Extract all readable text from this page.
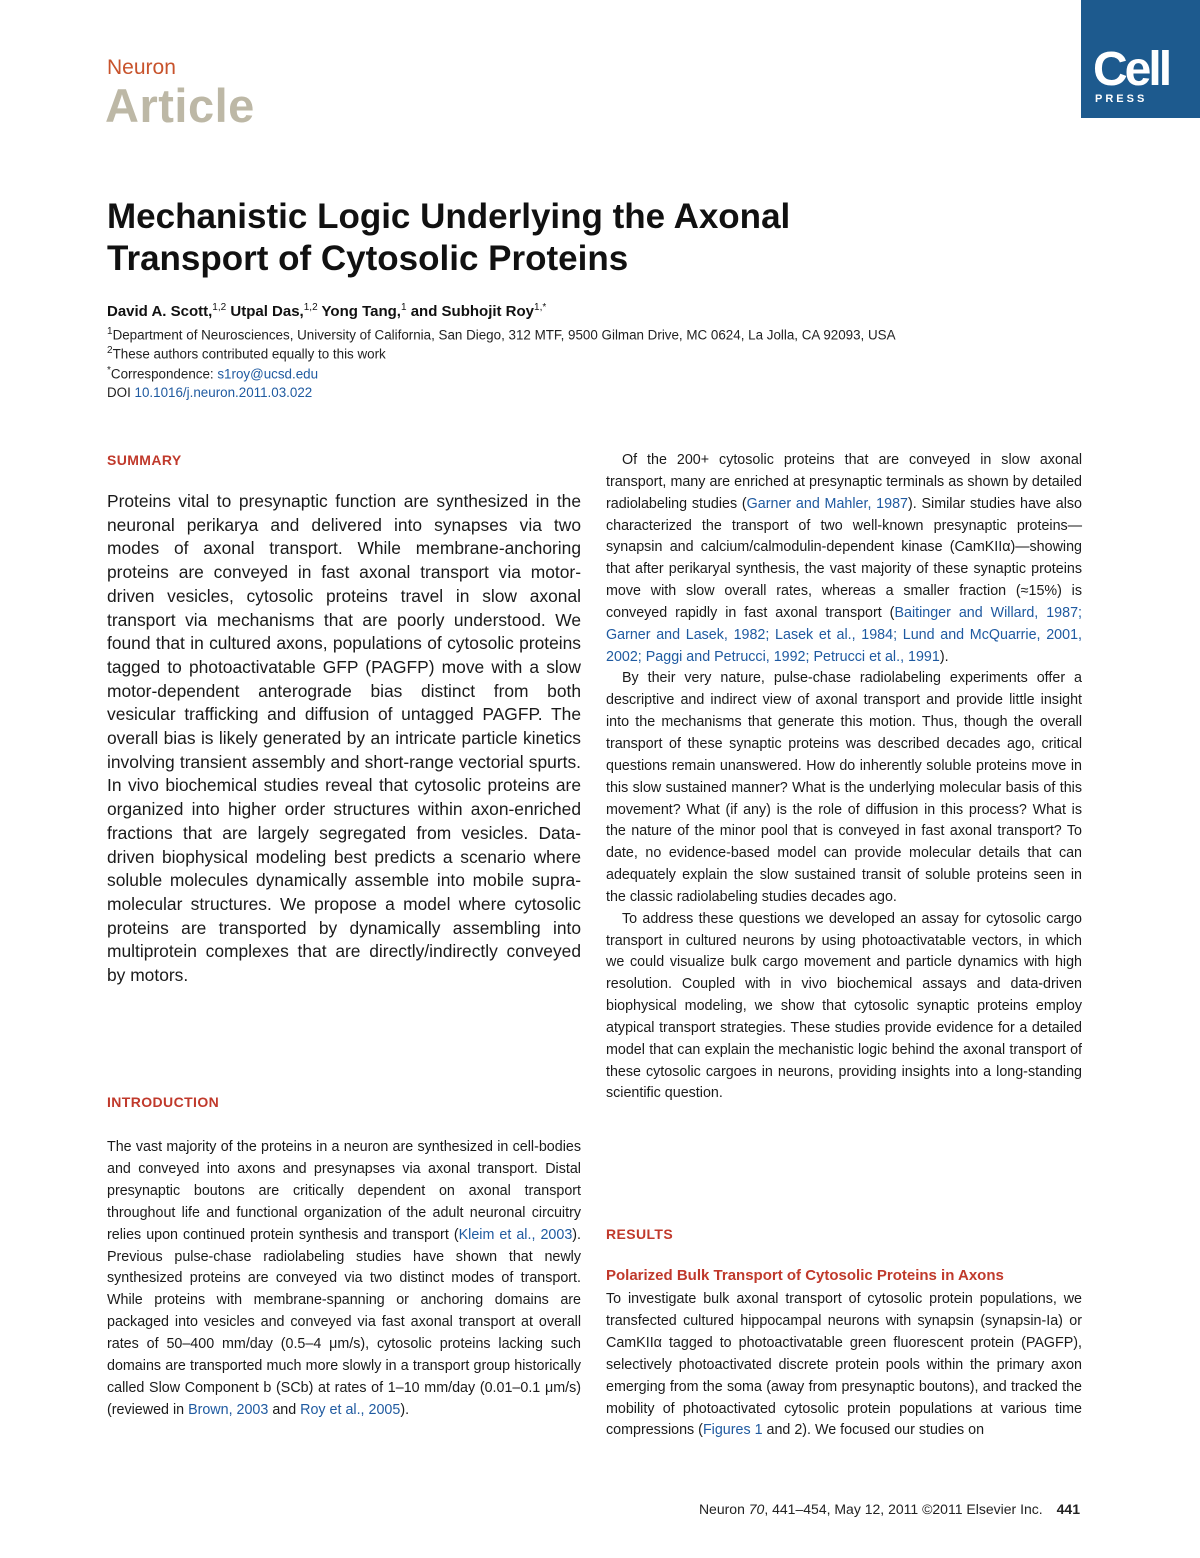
Neuron
Article
Cell
PRESS
Mechanistic Logic Underlying the Axonal
Transport of Cytosolic Proteins
David A. Scott,$^{1,2}$ Utpal Das,$^{1,2}$ Yong Tang,$^1$ and Subhojit Roy$^{1,*}$
$^1$Department of Neurosciences, University of California, San Diego, 312 MTF, 9500 Gilman Drive, MC 0624, La Jolla, CA 92093, USA
$^2$These authors contributed equally to this work
*Correspondence: s1roy@ucsd.edu
DOI 10.1016/j.neuron.2011.03.022
SUMMARY

Proteins vital to presynaptic function are synthesized in the neuronal perikarya and delivered into synapses via two modes of axonal transport. While membrane-anchoring proteins are conveyed in fast axonal transport via motor-driven vesicles, cytosolic proteins travel in slow axonal transport via mechanisms that are poorly understood. We found that in cultured axons, populations of cytosolic proteins tagged to photoactivatable GFP (PAGFP) move with a slow motor-dependent anterograde bias distinct from both vesicular trafficking and diffusion of untagged PAGFP. The overall bias is likely generated by an intricate particle kinetics involving transient assembly and short-range vectorial spurts. In vivo biochemical studies reveal that cytosolic proteins are organized into higher order structures within axon-enriched fractions that are largely segregated from vesicles. Data-driven biophysical modeling best predicts a scenario where soluble molecules dynamically assemble into mobile supramolecular structures. We propose a model where cytosolic proteins are transported by dynamically assembling into multiprotein complexes that are directly/indirectly conveyed by motors.

INTRODUCTION

The vast majority of the proteins in a neuron are synthesized in cell-bodies and conveyed into axons and presynapses via axonal transport. Distal presynaptic boutons are critically dependent on axonal transport throughout life and functional organization of the adult neuronal circuitry relies upon continued protein synthesis and transport (Kleim et al., 2003). Previous pulse-chase radiolabeling studies have shown that newly synthesized proteins are conveyed via two distinct modes of transport. While proteins with membrane-spanning or anchoring domains are packaged into vesicles and conveyed via fast axonal transport at overall rates of 50–400 mm/day (0.5–4 μm/s), cytosolic proteins lacking such domains are transported much more slowly in a transport group historically called Slow Component b (SCb) at rates of 1–10 mm/day (0.01–0.1 μm/s) (reviewed in Brown, 2003 and Roy et al., 2005).

Of the 200+ cytosolic proteins that are conveyed in slow axonal transport, many are enriched at presynaptic terminals as shown by detailed radiolabeling studies (Garner and Mahler, 1987). Similar studies have also characterized the transport of two well-known presynaptic proteins—synapsin and calcium/calmodulin-dependent kinase (CamKIIα)—showing that after perikaryal synthesis, the vast majority of these synaptic proteins move with slow overall rates, whereas a smaller fraction (≈15%) is conveyed rapidly in fast axonal transport (Baitinger and Willard, 1987; Garner and Lasek, 1982; Lasek et al., 1984; Lund and McQuarrie, 2001, 2002; Paggi and Petrucci, 1992; Petrucci et al., 1991).

By their very nature, pulse-chase radiolabeling experiments offer a descriptive and indirect view of axonal transport and provide little insight into the mechanisms that generate this motion. Thus, though the overall transport of these synaptic proteins was described decades ago, critical questions remain unanswered. How do inherently soluble proteins move in this slow sustained manner? What is the underlying molecular basis of this movement? What (if any) is the role of diffusion in this process? What is the nature of the minor pool that is conveyed in fast axonal transport? To date, no evidence-based model can provide molecular details that can adequately explain the slow sustained transit of soluble proteins seen in the classic radiolabeling studies decades ago.

To address these questions we developed an assay for cytosolic cargo transport in cultured neurons by using photoactivatable vectors, in which we could visualize bulk cargo movement and particle dynamics with high resolution. Coupled with in vivo biochemical assays and data-driven biophysical modeling, we show that cytosolic synaptic proteins employ atypical transport strategies. These studies provide evidence for a detailed model that can explain the mechanistic logic behind the axonal transport of these cytosolic cargoes in neurons, providing insights into a long-standing scientific question.

RESULTS
Polarized Bulk Transport of Cytosolic Proteins in Axons

To investigate bulk axonal transport of cytosolic protein populations, we transfected cultured hippocampal neurons with synapsin (synapsin-Ia) or CamKIIα tagged to photoactivatable green fluorescent protein (PAGFP), selectively photoactivated discrete protein pools within the primary axon emerging from the soma (away from presynaptic boutons), and tracked the mobility of photoactivated cytosolic protein populations at various time compressions (Figures 1 and 2). We focused our studies on

Neuron 70, 441–454, May 12, 2011 ©2011 Elsevier Inc. 441
